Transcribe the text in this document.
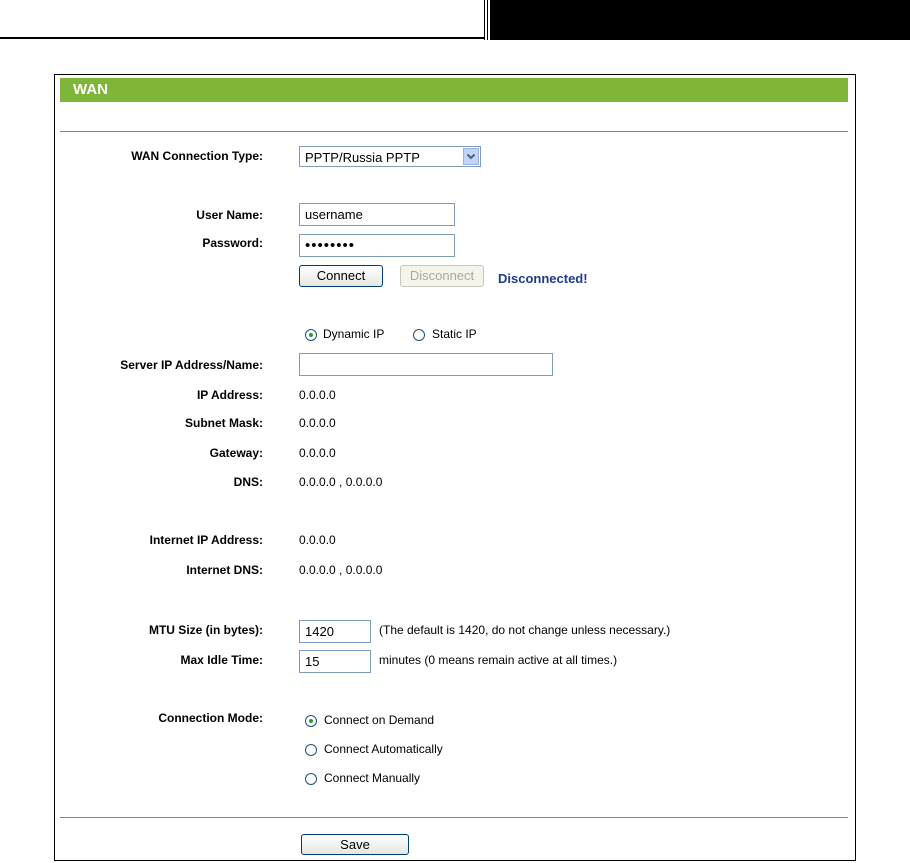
WAN
WAN Connection Type:	PPTP/Russia PPTP
User Name:
username
Password:
Connect	Disconnect	Disconnected!
Dynamic IP	Static IP
Server IP Address/Name:
IP Address:	0.0.0.0
Subnet Mask:	0.0.0.0
Gateway:	0.0.0.0
DNS:	0.0.0.0 , 0.0.0.0
Internet IP Address:	0.0.0.0
Internet DNS:	0.0.0.0 , 0.0.0.0
MTU Size (in bytes):
1420	(The default is 1420, do not change unless necessary.)
Max Idle Time:
15	minutes (0 means remain active at all times.)
Connection Mode:	Connect on Demand
Connect Automatically
Connect Manually
Save
